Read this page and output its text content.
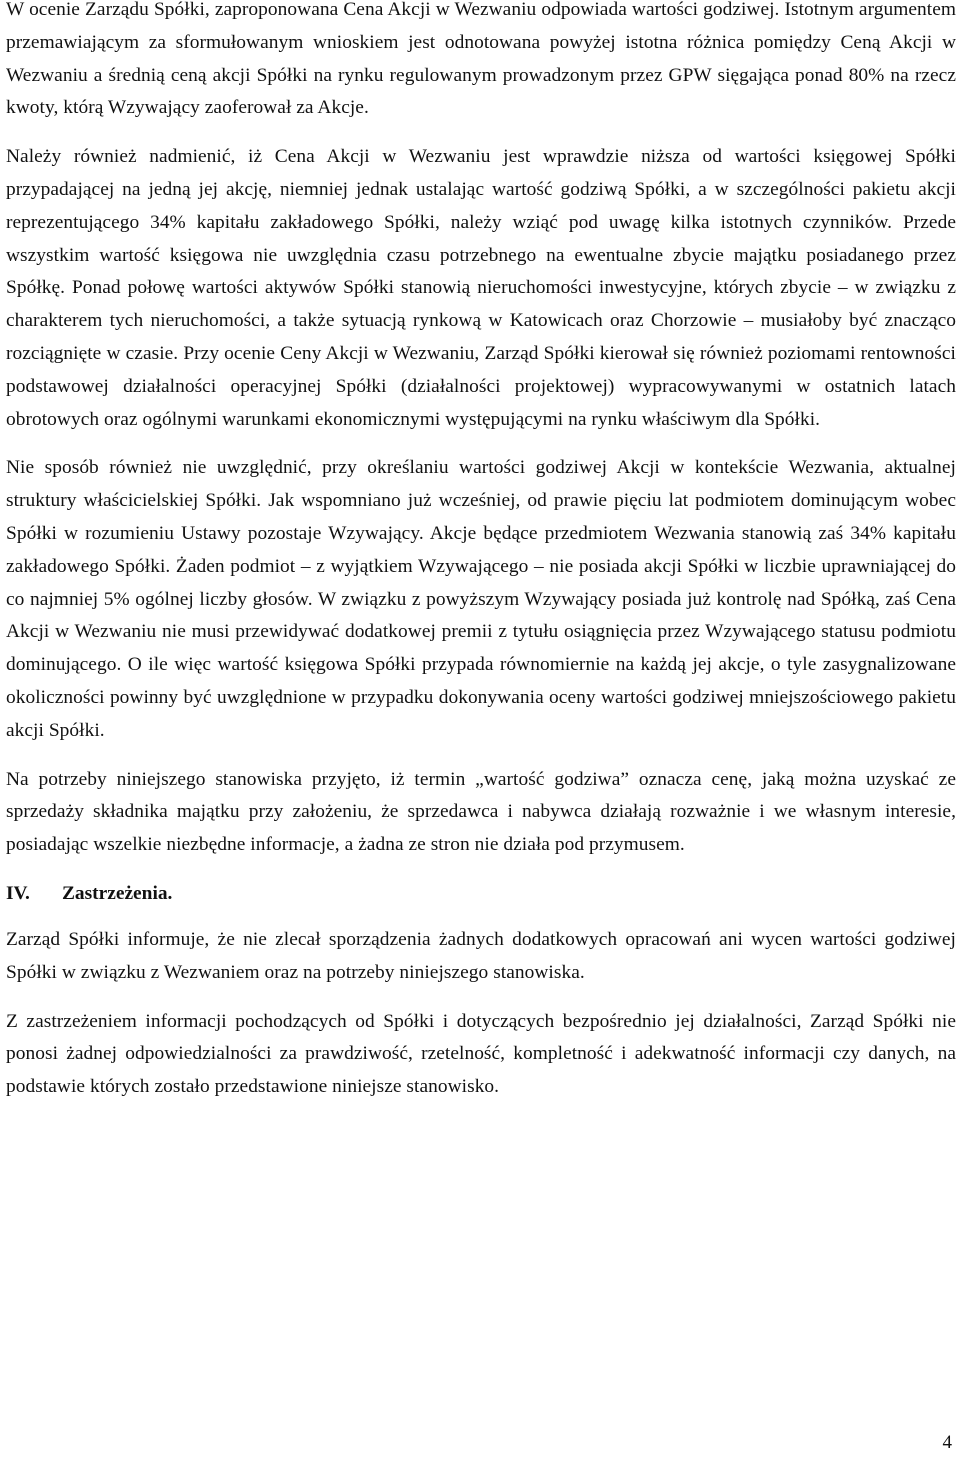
W ocenie Zarządu Spółki, zaproponowana Cena Akcji w Wezwaniu odpowiada wartości godziwej. Istotnym argumentem przemawiającym za sformułowanym wnioskiem jest odnotowana powyżej istotna różnica pomiędzy Ceną Akcji w Wezwaniu a średnią ceną akcji Spółki na rynku regulowanym prowadzonym przez GPW sięgająca ponad 80% na rzecz kwoty, którą Wzywający zaoferował za Akcje.

Należy również nadmienić, iż Cena Akcji w Wezwaniu jest wprawdzie niższa od wartości księgowej Spółki przypadającej na jedną jej akcję, niemniej jednak ustalając wartość godziwą Spółki, a w szczególności pakietu akcji reprezentującego 34% kapitału zakładowego Spółki, należy wziąć pod uwagę kilka istotnych czynników. Przede wszystkim wartość księgowa nie uwzględnia czasu potrzebnego na ewentualne zbycie majątku posiadanego przez Spółkę. Ponad połowę wartości aktywów Spółki stanowią nieruchomości inwestycyjne, których zbycie – w związku z charakterem tych nieruchomości, a także sytuacją rynkową w Katowicach oraz Chorzowie – musiałoby być znacząco rozciągnięte w czasie. Przy ocenie Ceny Akcji w Wezwaniu, Zarząd Spółki kierował się również poziomami rentowności podstawowej działalności operacyjnej Spółki (działalności projektowej) wypracowywanymi w ostatnich latach obrotowych oraz ogólnymi warunkami ekonomicznymi występującymi na rynku właściwym dla Spółki.

Nie sposób również nie uwzględnić, przy określaniu wartości godziwej Akcji w kontekście Wezwania, aktualnej struktury właścicielskiej Spółki. Jak wspomniano już wcześniej, od prawie pięciu lat podmiotem dominującym wobec Spółki w rozumieniu Ustawy pozostaje Wzywający. Akcje będące przedmiotem Wezwania stanowią zaś 34% kapitału zakładowego Spółki. Żaden podmiot – z wyjątkiem Wzywającego – nie posiada akcji Spółki w liczbie uprawniającej do co najmniej 5% ogólnej liczby głosów. W związku z powyższym Wzywający posiada już kontrolę nad Spółką, zaś Cena Akcji w Wezwaniu nie musi przewidywać dodatkowej premii z tytułu osiągnięcia przez Wzywającego statusu podmiotu dominującego. O ile więc wartość księgowa Spółki przypada równomiernie na każdą jej akcje, o tyle zasygnalizowane okoliczności powinny być uwzględnione w przypadku dokonywania oceny wartości godziwej mniejszościowego pakietu akcji Spółki.

Na potrzeby niniejszego stanowiska przyjęto, iż termin „wartość godziwa” oznacza cenę, jaką można uzyskać ze sprzedaży składnika majątku przy założeniu, że sprzedawca i nabywca działają rozważnie i we własnym interesie, posiadając wszelkie niezbędne informacje, a żadna ze stron nie działa pod przymusem.

IV. Zastrzeżenia.

Zarząd Spółki informuje, że nie zlecał sporządzenia żadnych dodatkowych opracowań ani wycen wartości godziwej Spółki w związku z Wezwaniem oraz na potrzeby niniejszego stanowiska.

Z zastrzeżeniem informacji pochodzących od Spółki i dotyczących bezpośrednio jej działalności, Zarząd Spółki nie ponosi żadnej odpowiedzialności za prawdziwość, rzetelność, kompletność i adekwatność informacji czy danych, na podstawie których zostało przedstawione niniejsze stanowisko.

4
